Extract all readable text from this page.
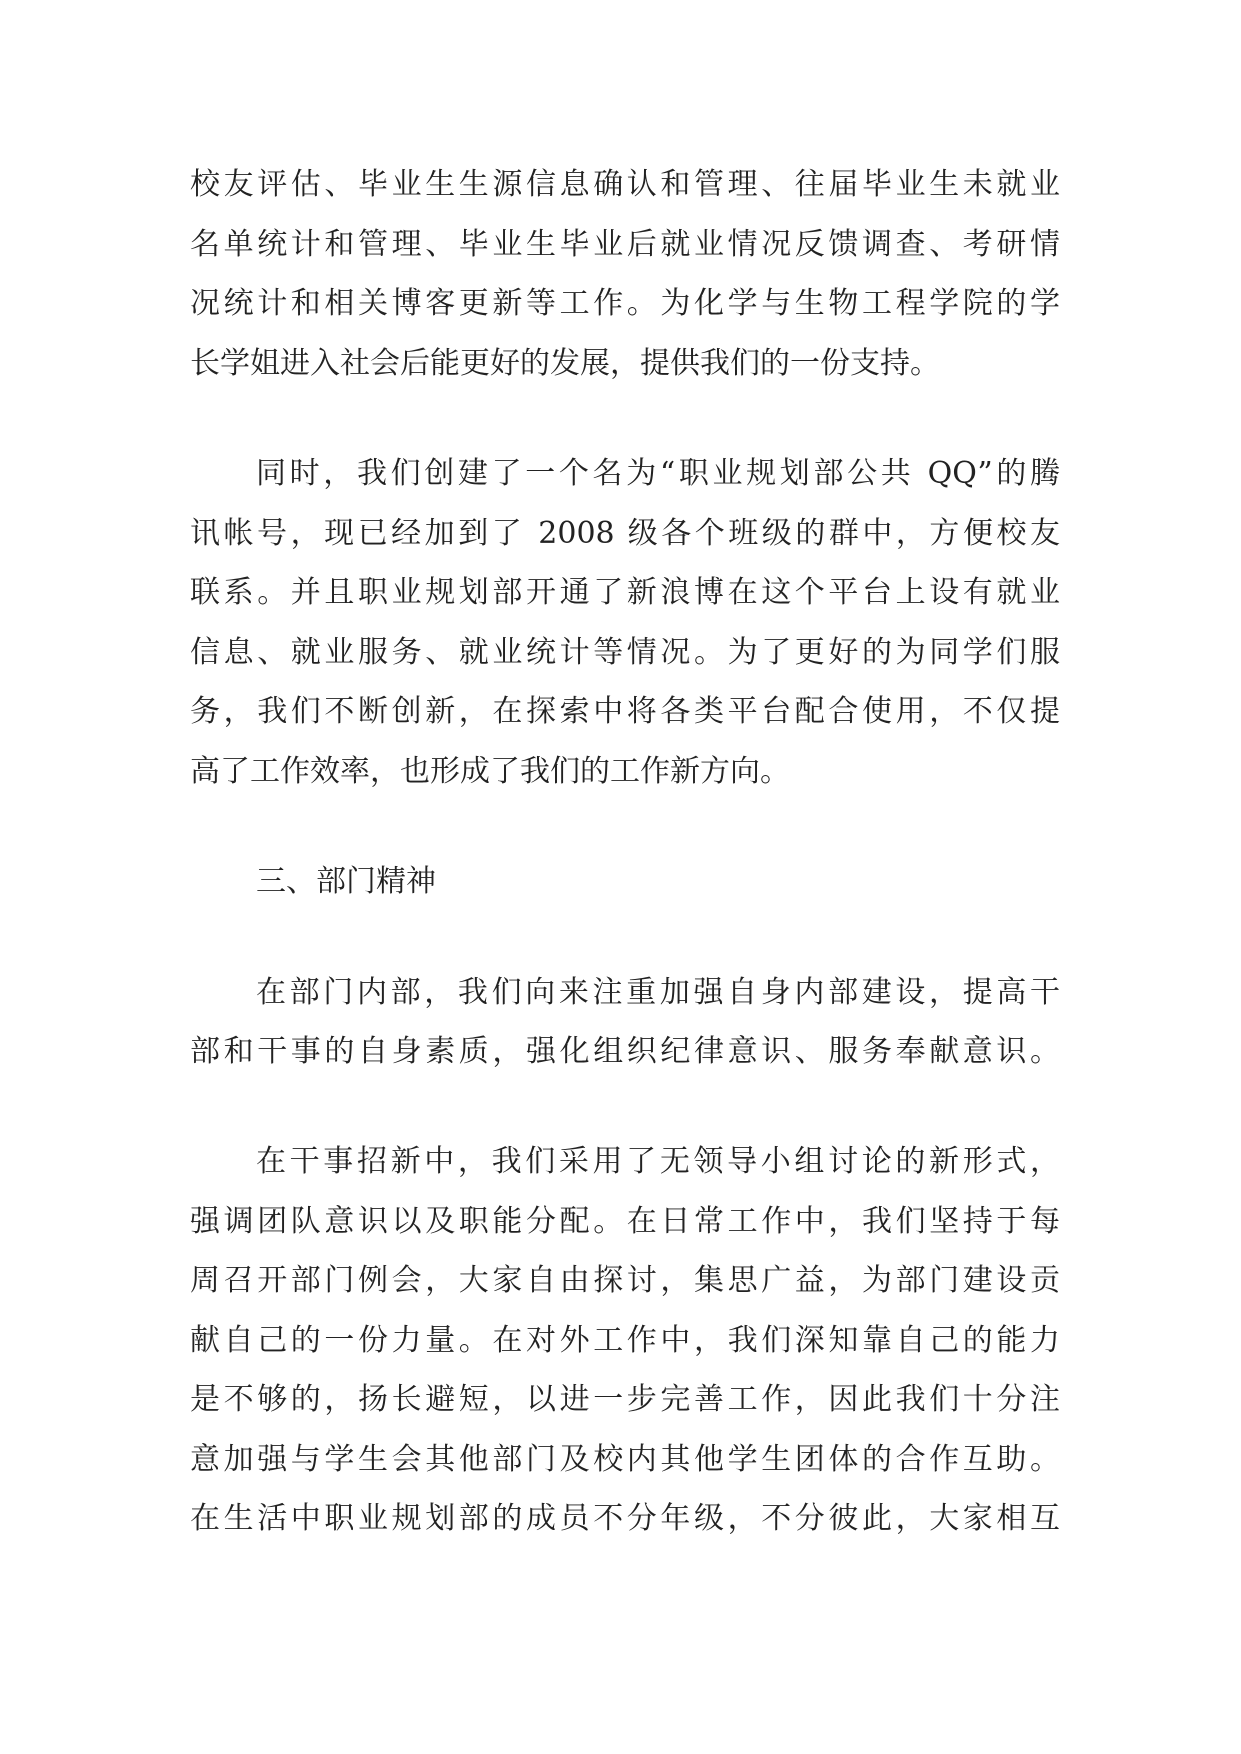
校友评估、毕业生生源信息确认和管理、往届毕业生未就业

名单统计和管理、毕业生毕业后就业情况反馈调查、考研情

况统计和相关博客更新等工作。为化学与生物工程学院的学

长学姐进入社会后能更好的发展，提供我们的一份支持。

同时，我们创建了一个名为“职业规划部公共 QQ”的腾

讯帐号，现已经加到了 2008 级各个班级的群中，方便校友

联系。并且职业规划部开通了新浪博在这个平台上设有就业

信息、就业服务、就业统计等情况。为了更好的为同学们服

务，我们不断创新，在探索中将各类平台配合使用，不仅提

高了工作效率，也形成了我们的工作新方向。

三、部门精神

在部门内部，我们向来注重加强自身内部建设，提高干

部和干事的自身素质，强化组织纪律意识、服务奉献意识。

在干事招新中，我们采用了无领导小组讨论的新形式，

强调团队意识以及职能分配。在日常工作中，我们坚持于每

周召开部门例会，大家自由探讨，集思广益，为部门建设贡

献自己的一份力量。在对外工作中，我们深知靠自己的能力

是不够的，扬长避短，以进一步完善工作，因此我们十分注

意加强与学生会其他部门及校内其他学生团体的合作互助。

在生活中职业规划部的成员不分年级，不分彼此，大家相互
